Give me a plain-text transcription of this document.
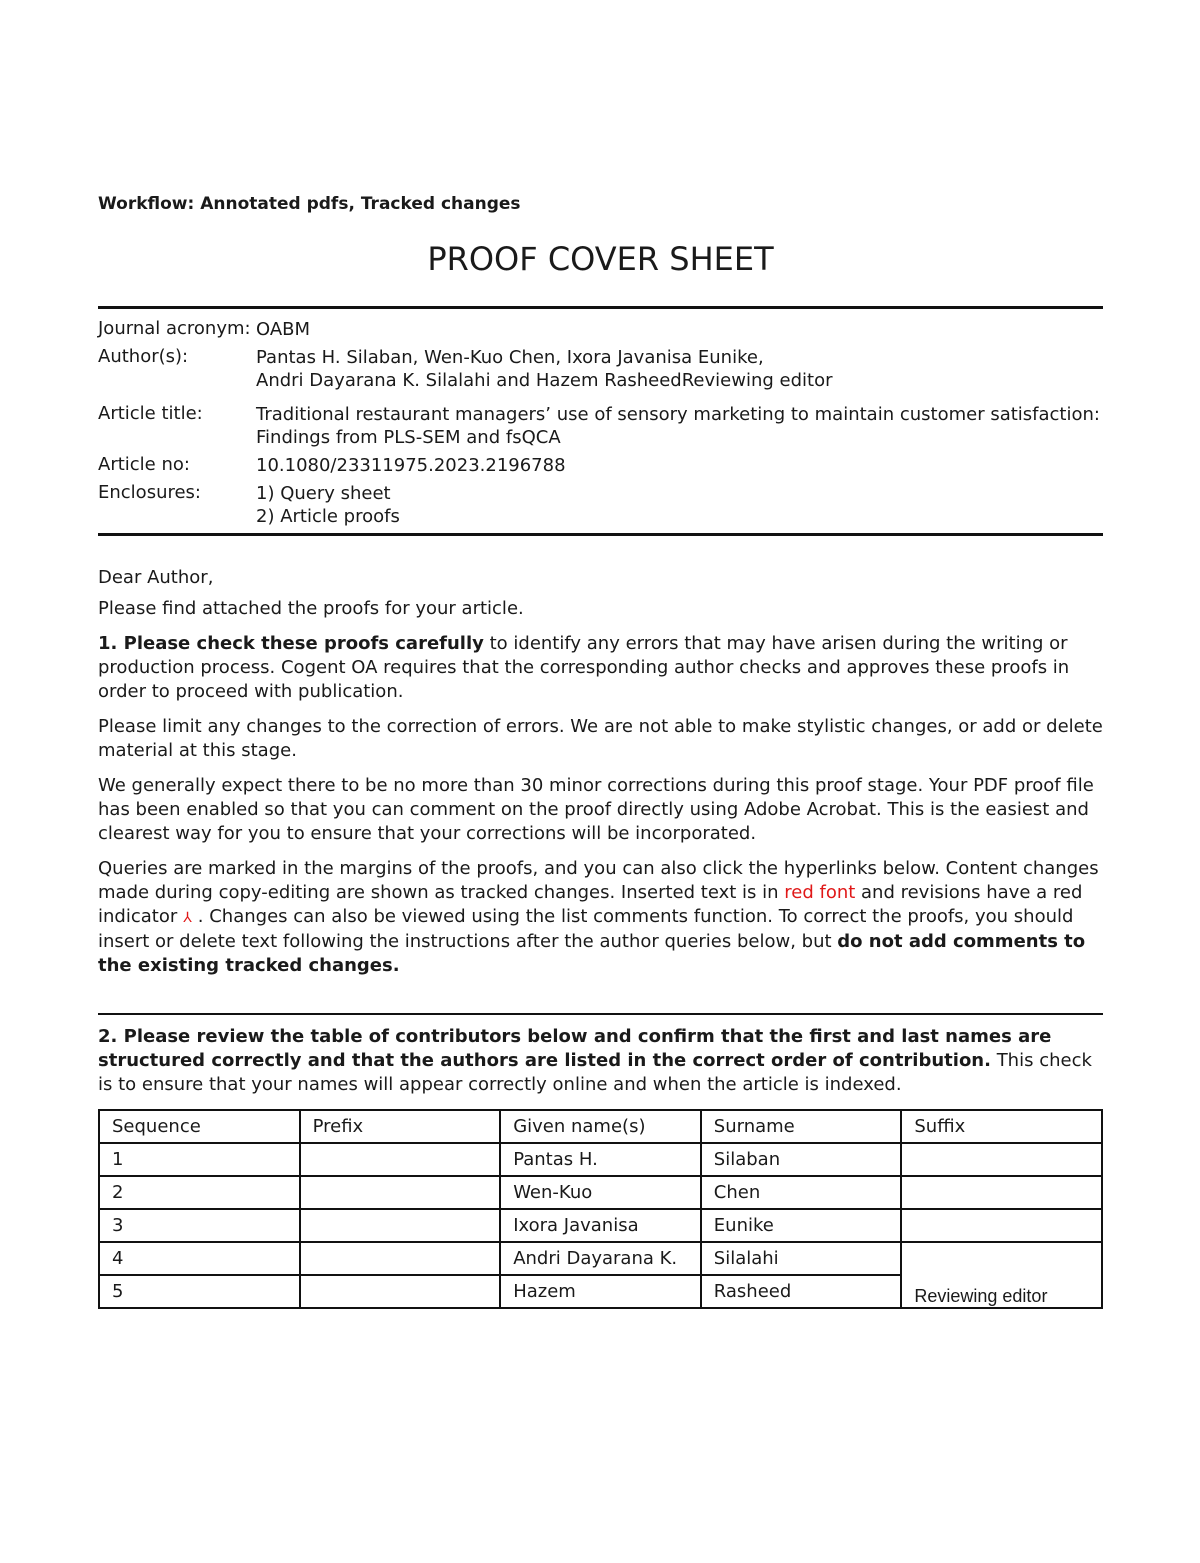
Workflow: Annotated pdfs, Tracked changes
PROOF COVER SHEET
Journal acronym: OABM
Author(s):	Pantas H. Silaban, Wen-Kuo Chen, Ixora Javanisa Eunike,
Andri Dayarana K. Silalahi and Hazem RasheedReviewing editor
Article title:	Traditional restaurant managers’ use of sensory marketing to maintain customer satisfaction:
Findings from PLS-SEM and fsQCA
Article no:	10.1080/23311975.2023.2196788
Enclosures:	1) Query sheet
2) Article proofs
Dear Author,
Please find attached the proofs for your article.
1. Please check these proofs carefully to identify any errors that may have arisen during the writing or production process. Cogent OA requires that the corresponding author checks and approves these proofs in order to proceed with publication.
Please limit any changes to the correction of errors. We are not able to make stylistic changes, or add or delete material at this stage.
We generally expect there to be no more than 30 minor corrections during this proof stage. Your PDF proof file has been enabled so that you can comment on the proof directly using Adobe Acrobat. This is the easiest and clearest way for you to ensure that your corrections will be incorporated.
Queries are marked in the margins of the proofs, and you can also click the hyperlinks below. Content changes made during copy-editing are shown as tracked changes. Inserted text is in red font and revisions have a red indicator ⅄ . Changes can also be viewed using the list comments function. To correct the proofs, you should insert or delete text following the instructions after the author queries below, but do not add comments to the existing tracked changes.
2. Please review the table of contributors below and confirm that the first and last names are structured correctly and that the authors are listed in the correct order of contribution. This check is to ensure that your names will appear correctly online and when the article is indexed.
Sequence	Prefix	Given name(s)	Surname	Suffix
1		Pantas H.	Silaban	
2		Wen-Kuo	Chen	
3		Ixora Javanisa	Eunike	
4		Andri Dayarana K.	Silalahi	Reviewing editor
5		Hazem	Rasheed	
